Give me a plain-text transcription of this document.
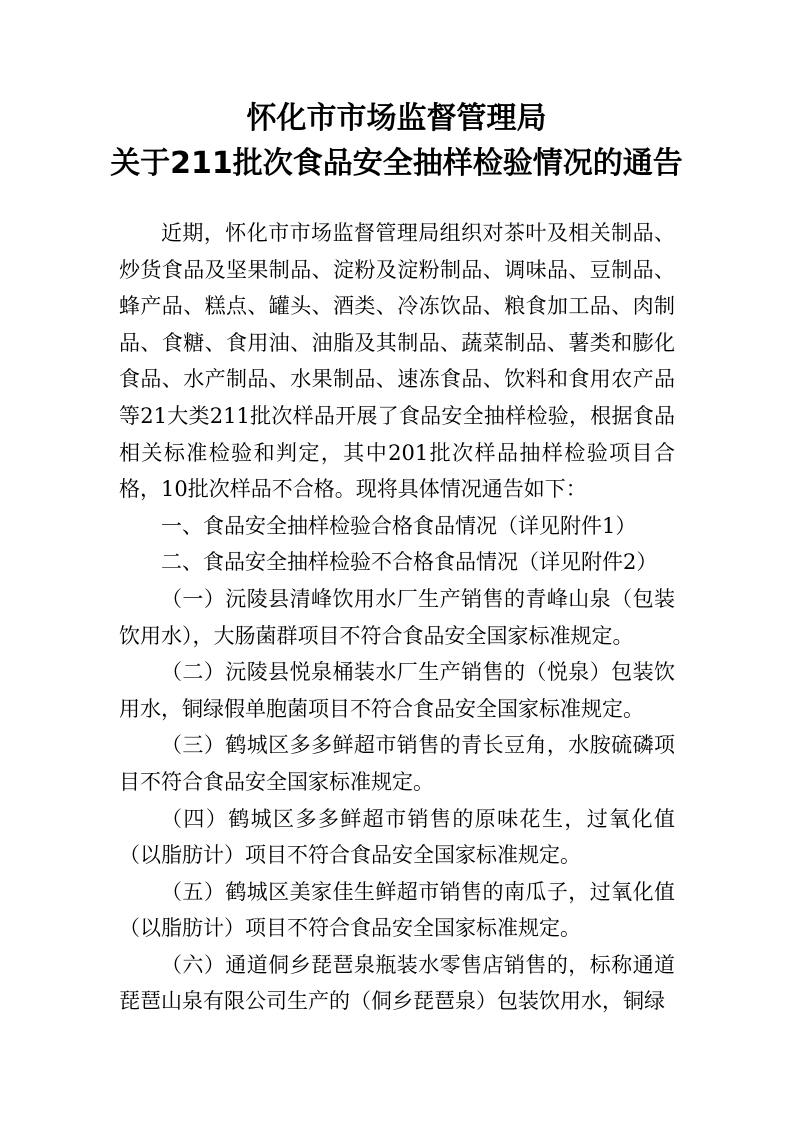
怀化市市场监督管理局
关于211批次食品安全抽样检验情况的通告

近期，怀化市市场监督管理局组织对茶叶及相关制品、炒货食品及坚果制品、淀粉及淀粉制品、调味品、豆制品、蜂产品、糕点、罐头、酒类、冷冻饮品、粮食加工品、肉制品、食糖、食用油、油脂及其制品、蔬菜制品、薯类和膨化食品、水产制品、水果制品、速冻食品、饮料和食用农产品等21大类211批次样品开展了食品安全抽样检验，根据食品相关标准检验和判定，其中201批次样品抽样检验项目合格，10批次样品不合格。现将具体情况通告如下：

一、食品安全抽样检验合格食品情况（详见附件1）

二、食品安全抽样检验不合格食品情况（详见附件2）

（一）沅陵县清峰饮用水厂生产销售的青峰山泉（包装饮用水），大肠菌群项目不符合食品安全国家标准规定。

（二）沅陵县悦泉桶装水厂生产销售的（悦泉）包装饮用水，铜绿假单胞菌项目不符合食品安全国家标准规定。

（三）鹤城区多多鲜超市销售的青长豆角，水胺硫磷项目不符合食品安全国家标准规定。

（四）鹤城区多多鲜超市销售的原味花生，过氧化值（以脂肪计）项目不符合食品安全国家标准规定。

（五）鹤城区美家佳生鲜超市销售的南瓜子，过氧化值（以脂肪计）项目不符合食品安全国家标准规定。

（六）通道侗乡琵琶泉瓶装水零售店销售的，标称通道琵琶山泉有限公司生产的（侗乡琵琶泉）包装饮用水，铜绿
